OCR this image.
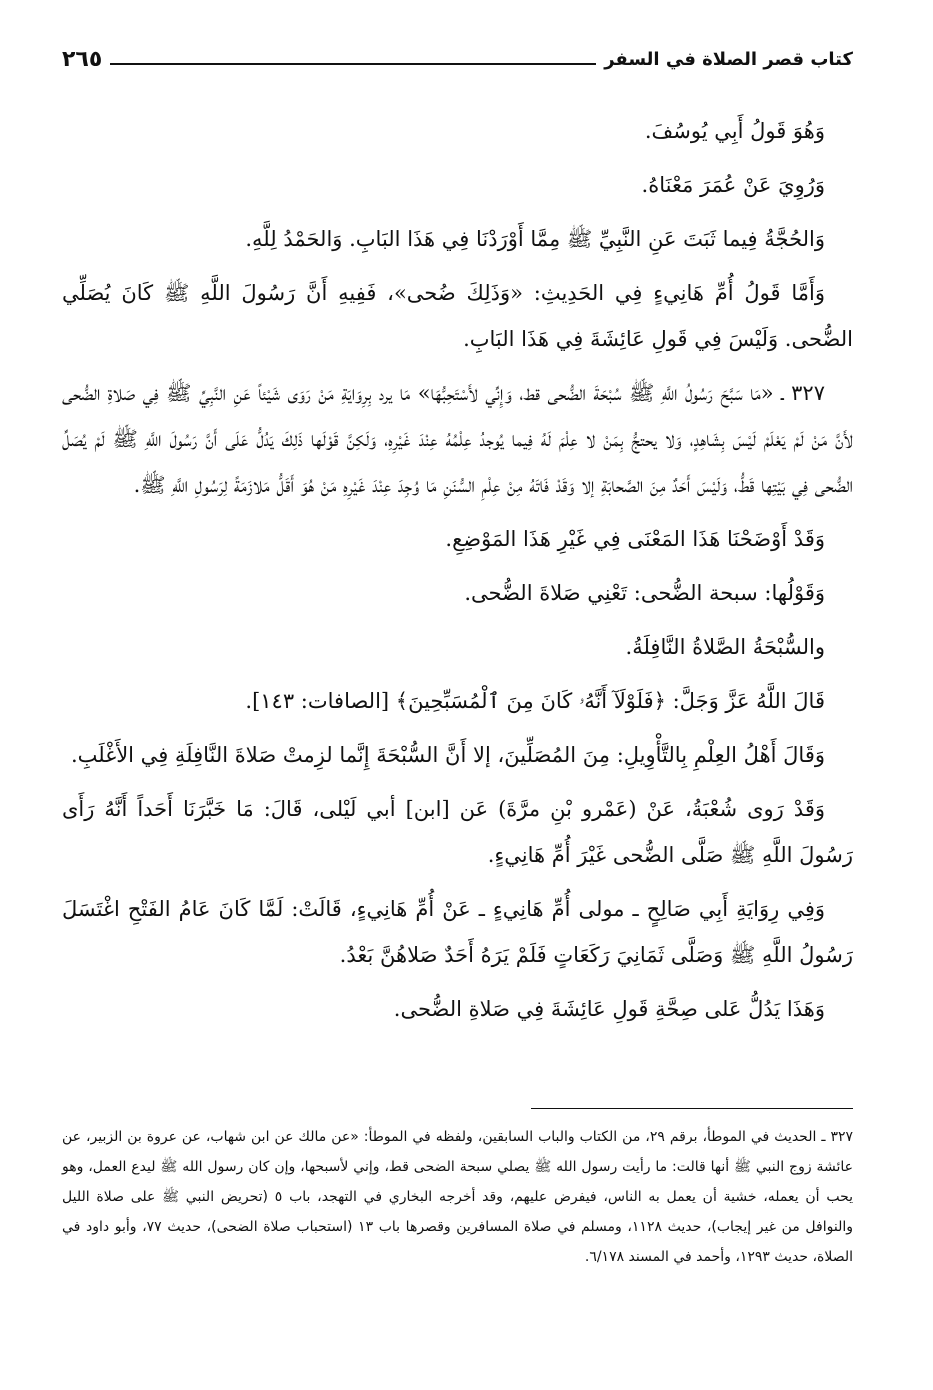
كتاب قصر الصلاة في السفر
٢٦٥

وَهُوَ قَولُ أَبِي يُوسُفَ.

وَرُوِيَ عَنْ عُمَرَ مَعْنَاهُ.

وَالحُجَّةُ فِيما ثَبَتَ عَنِ النَّبِيِّ ﷺ مِمَّا أَوْرَدْنَا فِي هَذَا البَابِ. وَالحَمْدُ لِلَّهِ.

وَأَمَّا قَولُ أُمِّ هَانِيءٍ فِي الحَدِيثِ: «وَذَلِكَ ضُحى»، فَفِيهِ أَنَّ رَسُولَ اللَّهِ ﷺ كَانَ يُصَلِّي الضُّحى. وَلَيْسَ فِي قَولِ عَائِشَةَ فِي هَذَا البَابِ.

٣٢٧ ـ «مَا سَبَّحَ رَسُولُ اللَّهِ ﷺ سُبْحَةَ الضُّحى قط، وَإِنِّي لأَسْتَحِبُّهَا» مَا يرد بِرِوَايَةِ مَنْ رَوَى شَيْئاً عَنِ النَّبِيِّ ﷺ فِي صَلاةِ الضُّحى لأَنَّ مَنْ لَمْ يَعْلَمْ لَيْسَ بِشَاهِدٍ، وَلا يحتجُّ بِمَنْ لا عِلْمَ لَهُ فِيما يُوجدُ عِلْمُهُ عِنْدَ غَيْرِهِ، وَلَكِنَّ قَوْلَها ذَلِكَ يَدُلُّ عَلَى أَنَّ رَسُولَ اللَّهِ ﷺ لَمْ يُصَلِّ الضُّحى فِي بَيْتِها قَطُّ، وَلَيْسَ أَحَدٌ مِنَ الصَّحابَةِ إلا وَقَدْ فَاتَهُ مِنْ عِلْمِ السُّنَنِ مَا وُجِدَ عِنْدَ غَيْرِهِ مَنْ هُوَ أَقَلُّ مَلازَمَةً لِرَسُولِ اللَّهِ ﷺ.

وَقَدْ أَوْضَحْنَا هَذَا المَعْنَى فِي غَيْرِ هَذَا المَوْضِعِ.

وَقَوْلُها: سبحة الضُّحى: تَعْنِي صَلاةَ الضُّحى.

والسُّبْحَةُ الصَّلاةُ النَّافِلَةُ.

قَالَ اللَّهُ عَزَّ وَجَلَّ: ﴿فَلَوْلَآ أَنَّهُۥ كَانَ مِنَ ٱلْمُسَبِّحِينَ﴾ [الصافات: ١٤٣].

وَقَالَ أَهْلُ العِلْمِ بِالتَّأْوِيلِ: مِنَ المُصَلِّينَ، إلا أَنَّ السُّبْحَةَ إِنَّما لزِمتْ صَلاةَ النَّافِلَةِ فِي الأَغْلَبِ.

وَقَدْ رَوى شُعْبَةُ، عَنْ (عَمْرو بْنِ مرَّةَ) عَن [ابن] أبي لَيْلى، قَالَ: مَا خَبَّرَنَا أَحَداً أَنَّهُ رَأَى رَسُولَ اللَّهِ ﷺ صَلَّى الضُّحى غَيْرَ أُمِّ هَانِيءٍ.

وَفِي رِوَايَةِ أَبِي صَالِحٍ ـ مولى أُمِّ هَانِيءٍ ـ عَنْ أُمِّ هَانِيءٍ، قَالَتْ: لَمَّا كَانَ عَامُ الفَتْحِ اغْتَسَلَ رَسُولُ اللَّهِ ﷺ وَصَلَّى ثَمَانِيَ رَكَعَاتٍ فَلَمْ يَرَهُ أَحَدٌ صَلاهُنَّ بَعْدُ.

وَهَذَا يَدُلُّ عَلى صِحَّةِ قَولِ عَائِشَةَ فِي صَلاةِ الضُّحى.

٣٢٧ ـ الحديث في الموطأ، برقم ٢٩، من الكتاب والباب السابقين، ولفظه في الموطأ: «عن مالك عن ابن شهاب، عن عروة بن الزبير، عن عائشة زوج النبي ﷺ أنها قالت: ما رأيت رسول الله ﷺ يصلي سبحة الضحى قط، وإني لأسبحها، وإن كان رسول الله ﷺ ليدع العمل، وهو يحب أن يعمله، خشية أن يعمل به الناس، فيفرض عليهم، وقد أخرجه البخاري في التهجد، باب ٥ (تحريض النبي ﷺ على صلاة الليل والنوافل من غير إيجاب)، حديث ١١٢٨، ومسلم في صلاة المسافرين وقصرها باب ١٣ (استحباب صلاة الضحى)، حديث ٧٧، وأبو داود في الصلاة، حديث ١٢٩٣، وأحمد في المسند ٦/١٧٨.
